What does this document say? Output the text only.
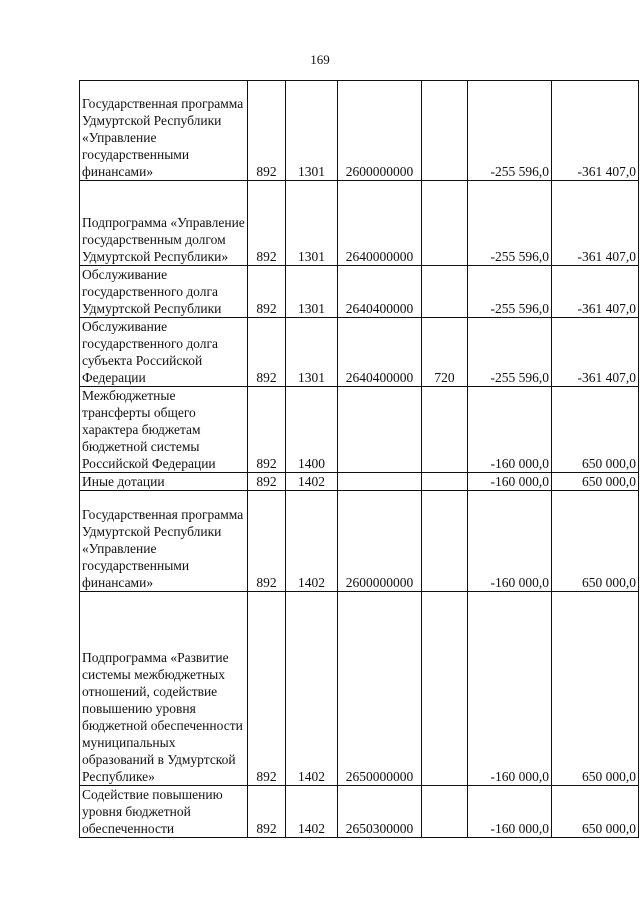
169
Государственная программа Удмуртской Республики «Управление государственными финансами»	892	1301	2600000000		-255 596,0	-361 407,0
Подпрограмма «Управление государственным долгом Удмуртской Республики»	892	1301	2640000000		-255 596,0	-361 407,0
Обслуживание государственного долга Удмуртской Республики	892	1301	2640400000		-255 596,0	-361 407,0
Обслуживание государственного долга субъекта Российской Федерации	892	1301	2640400000	720	-255 596,0	-361 407,0
Межбюджетные трансферты общего характера бюджетам бюджетной системы Российской Федерации	892	1400			-160 000,0	650 000,0
Иные дотации	892	1402			-160 000,0	650 000,0
Государственная программа Удмуртской Республики «Управление государственными финансами»	892	1402	2600000000		-160 000,0	650 000,0
Подпрограмма «Развитие системы межбюджетных отношений, содействие повышению уровня бюджетной обеспеченности муниципальных образований в Удмуртской Республике»	892	1402	2650000000		-160 000,0	650 000,0
Содействие повышению уровня бюджетной обеспеченности	892	1402	2650300000		-160 000,0	650 000,0
